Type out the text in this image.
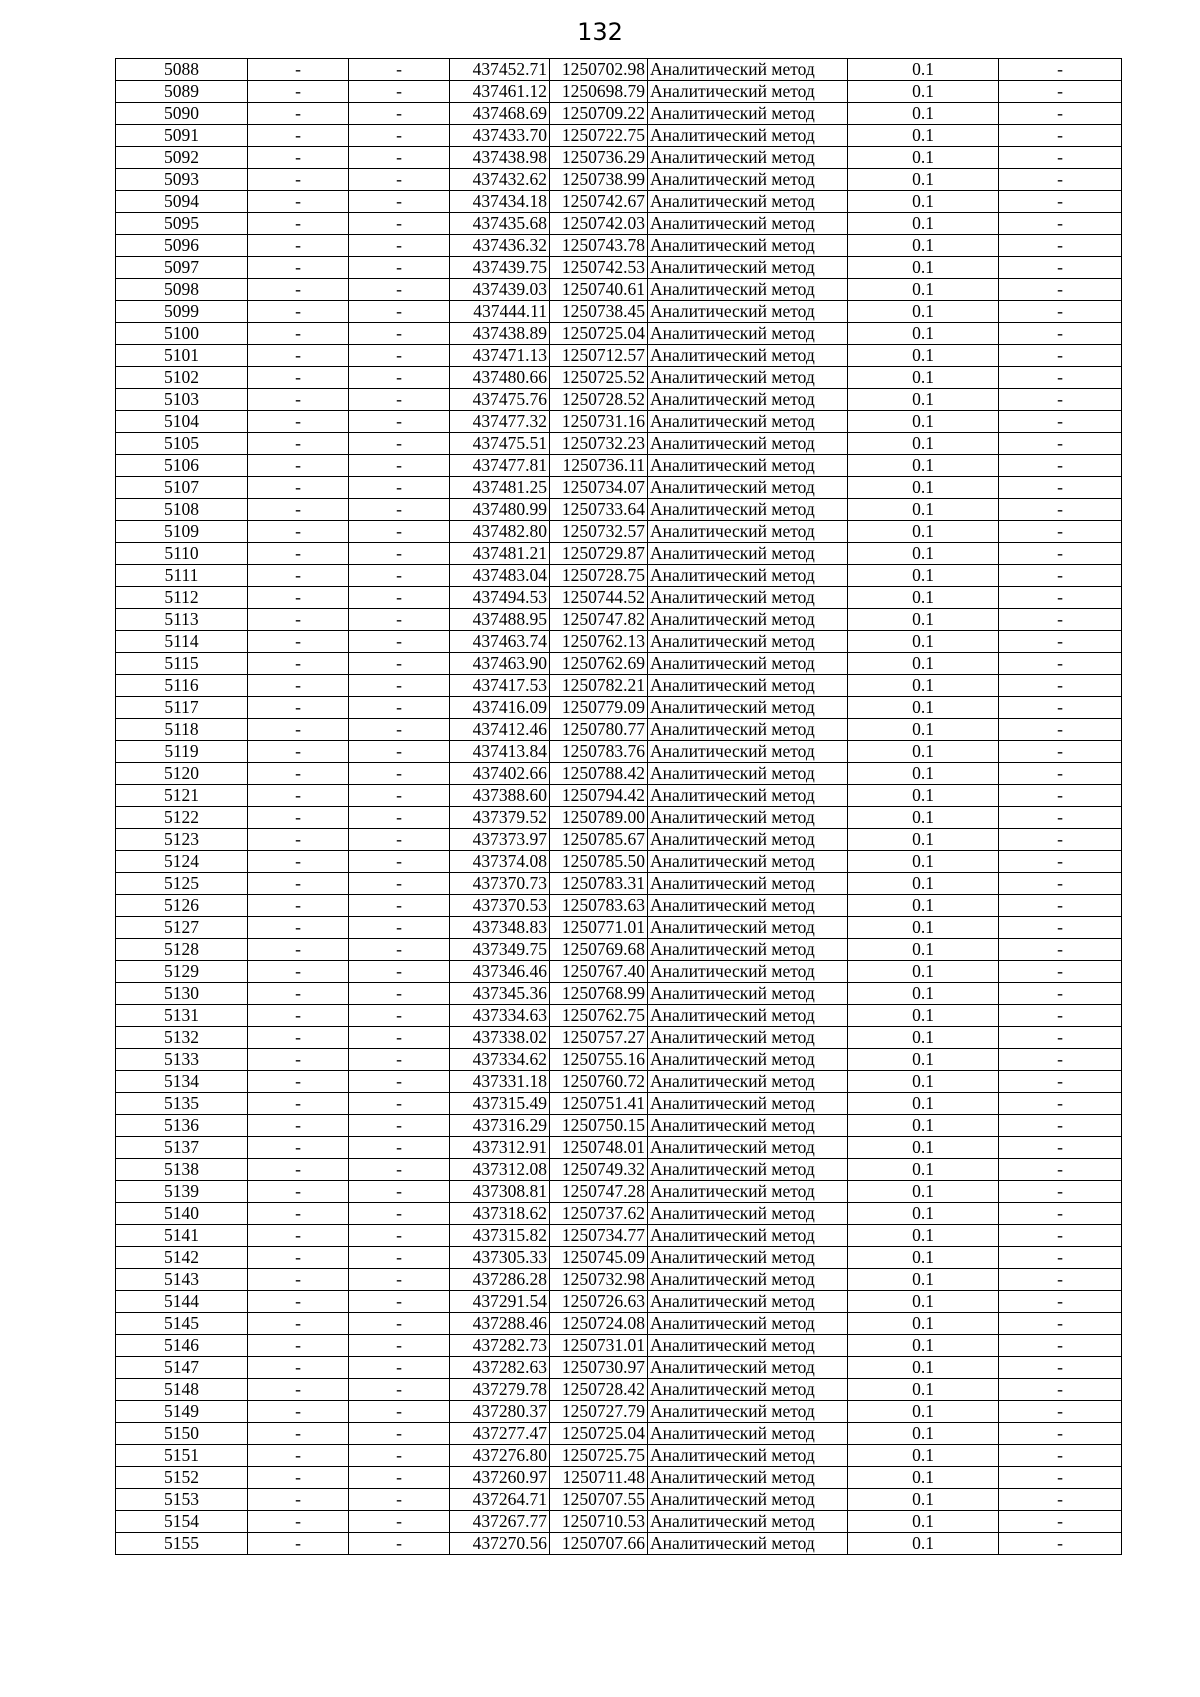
132
5088	-	-	437452.71	1250702.98	Аналитический метод	0.1	-
5089	-	-	437461.12	1250698.79	Аналитический метод	0.1	-
5090	-	-	437468.69	1250709.22	Аналитический метод	0.1	-
5091	-	-	437433.70	1250722.75	Аналитический метод	0.1	-
5092	-	-	437438.98	1250736.29	Аналитический метод	0.1	-
5093	-	-	437432.62	1250738.99	Аналитический метод	0.1	-
5094	-	-	437434.18	1250742.67	Аналитический метод	0.1	-
5095	-	-	437435.68	1250742.03	Аналитический метод	0.1	-
5096	-	-	437436.32	1250743.78	Аналитический метод	0.1	-
5097	-	-	437439.75	1250742.53	Аналитический метод	0.1	-
5098	-	-	437439.03	1250740.61	Аналитический метод	0.1	-
5099	-	-	437444.11	1250738.45	Аналитический метод	0.1	-
5100	-	-	437438.89	1250725.04	Аналитический метод	0.1	-
5101	-	-	437471.13	1250712.57	Аналитический метод	0.1	-
5102	-	-	437480.66	1250725.52	Аналитический метод	0.1	-
5103	-	-	437475.76	1250728.52	Аналитический метод	0.1	-
5104	-	-	437477.32	1250731.16	Аналитический метод	0.1	-
5105	-	-	437475.51	1250732.23	Аналитический метод	0.1	-
5106	-	-	437477.81	1250736.11	Аналитический метод	0.1	-
5107	-	-	437481.25	1250734.07	Аналитический метод	0.1	-
5108	-	-	437480.99	1250733.64	Аналитический метод	0.1	-
5109	-	-	437482.80	1250732.57	Аналитический метод	0.1	-
5110	-	-	437481.21	1250729.87	Аналитический метод	0.1	-
5111	-	-	437483.04	1250728.75	Аналитический метод	0.1	-
5112	-	-	437494.53	1250744.52	Аналитический метод	0.1	-
5113	-	-	437488.95	1250747.82	Аналитический метод	0.1	-
5114	-	-	437463.74	1250762.13	Аналитический метод	0.1	-
5115	-	-	437463.90	1250762.69	Аналитический метод	0.1	-
5116	-	-	437417.53	1250782.21	Аналитический метод	0.1	-
5117	-	-	437416.09	1250779.09	Аналитический метод	0.1	-
5118	-	-	437412.46	1250780.77	Аналитический метод	0.1	-
5119	-	-	437413.84	1250783.76	Аналитический метод	0.1	-
5120	-	-	437402.66	1250788.42	Аналитический метод	0.1	-
5121	-	-	437388.60	1250794.42	Аналитический метод	0.1	-
5122	-	-	437379.52	1250789.00	Аналитический метод	0.1	-
5123	-	-	437373.97	1250785.67	Аналитический метод	0.1	-
5124	-	-	437374.08	1250785.50	Аналитический метод	0.1	-
5125	-	-	437370.73	1250783.31	Аналитический метод	0.1	-
5126	-	-	437370.53	1250783.63	Аналитический метод	0.1	-
5127	-	-	437348.83	1250771.01	Аналитический метод	0.1	-
5128	-	-	437349.75	1250769.68	Аналитический метод	0.1	-
5129	-	-	437346.46	1250767.40	Аналитический метод	0.1	-
5130	-	-	437345.36	1250768.99	Аналитический метод	0.1	-
5131	-	-	437334.63	1250762.75	Аналитический метод	0.1	-
5132	-	-	437338.02	1250757.27	Аналитический метод	0.1	-
5133	-	-	437334.62	1250755.16	Аналитический метод	0.1	-
5134	-	-	437331.18	1250760.72	Аналитический метод	0.1	-
5135	-	-	437315.49	1250751.41	Аналитический метод	0.1	-
5136	-	-	437316.29	1250750.15	Аналитический метод	0.1	-
5137	-	-	437312.91	1250748.01	Аналитический метод	0.1	-
5138	-	-	437312.08	1250749.32	Аналитический метод	0.1	-
5139	-	-	437308.81	1250747.28	Аналитический метод	0.1	-
5140	-	-	437318.62	1250737.62	Аналитический метод	0.1	-
5141	-	-	437315.82	1250734.77	Аналитический метод	0.1	-
5142	-	-	437305.33	1250745.09	Аналитический метод	0.1	-
5143	-	-	437286.28	1250732.98	Аналитический метод	0.1	-
5144	-	-	437291.54	1250726.63	Аналитический метод	0.1	-
5145	-	-	437288.46	1250724.08	Аналитический метод	0.1	-
5146	-	-	437282.73	1250731.01	Аналитический метод	0.1	-
5147	-	-	437282.63	1250730.97	Аналитический метод	0.1	-
5148	-	-	437279.78	1250728.42	Аналитический метод	0.1	-
5149	-	-	437280.37	1250727.79	Аналитический метод	0.1	-
5150	-	-	437277.47	1250725.04	Аналитический метод	0.1	-
5151	-	-	437276.80	1250725.75	Аналитический метод	0.1	-
5152	-	-	437260.97	1250711.48	Аналитический метод	0.1	-
5153	-	-	437264.71	1250707.55	Аналитический метод	0.1	-
5154	-	-	437267.77	1250710.53	Аналитический метод	0.1	-
5155	-	-	437270.56	1250707.66	Аналитический метод	0.1	-
